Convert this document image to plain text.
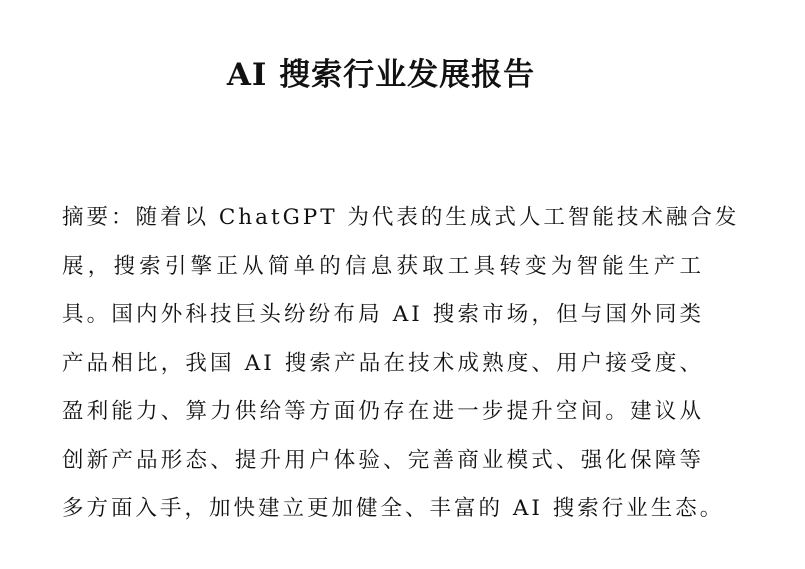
AI 搜索行业发展报告
摘要：随着以 ChatGPT 为代表的生成式人工智能技术融合发
展，搜索引擎正从简单的信息获取工具转变为智能生产工
具。国内外科技巨头纷纷布局 AI 搜索市场，但与国外同类
产品相比，我国 AI 搜索产品在技术成熟度、用户接受度、
盈利能力、算力供给等方面仍存在进一步提升空间。建议从
创新产品形态、提升用户体验、完善商业模式、强化保障等
多方面入手，加快建立更加健全、丰富的 AI 搜索行业生态。
